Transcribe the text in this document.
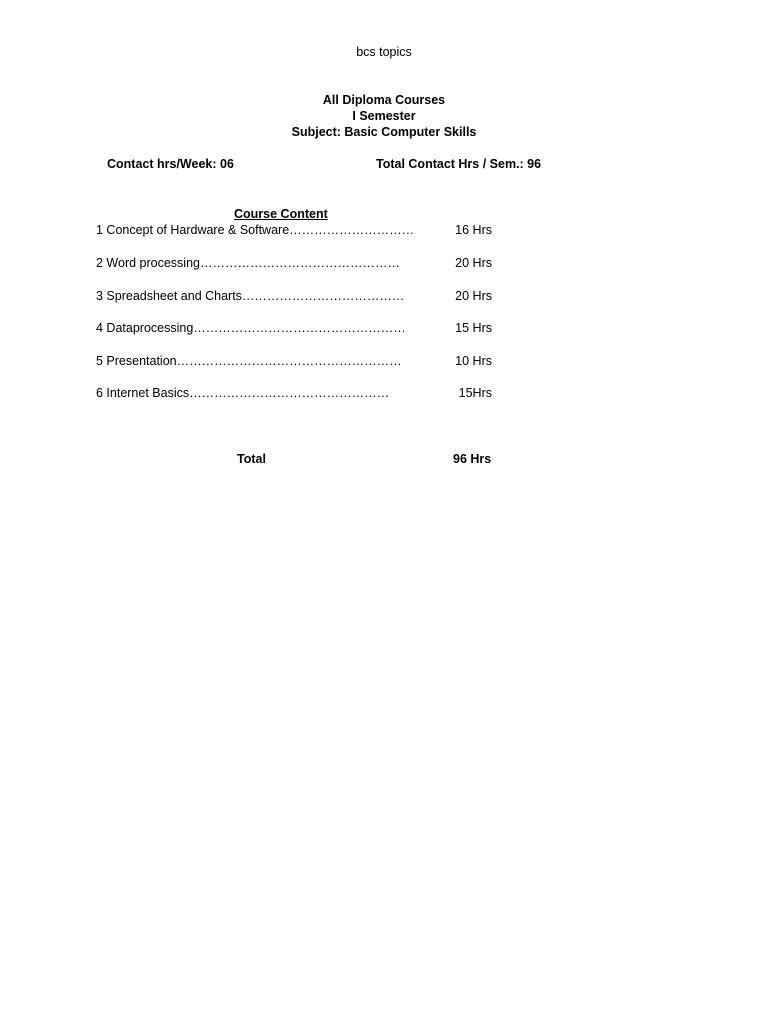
bcs topics
All Diploma Courses
I Semester
Subject: Basic Computer Skills
Contact hrs/Week: 06	Total Contact Hrs / Sem.: 96
Course Content
1 Concept of Hardware & Software…………………………	16 Hrs
2 Word processing…………………………………………	20 Hrs
3 Spreadsheet and Charts…………………………………	20 Hrs
4 Dataprocessing……………………………………………	15 Hrs
5 Presentation………………………………………………	10 Hrs
6 Internet Basics…………………………………………	15Hrs
Total	96 Hrs
